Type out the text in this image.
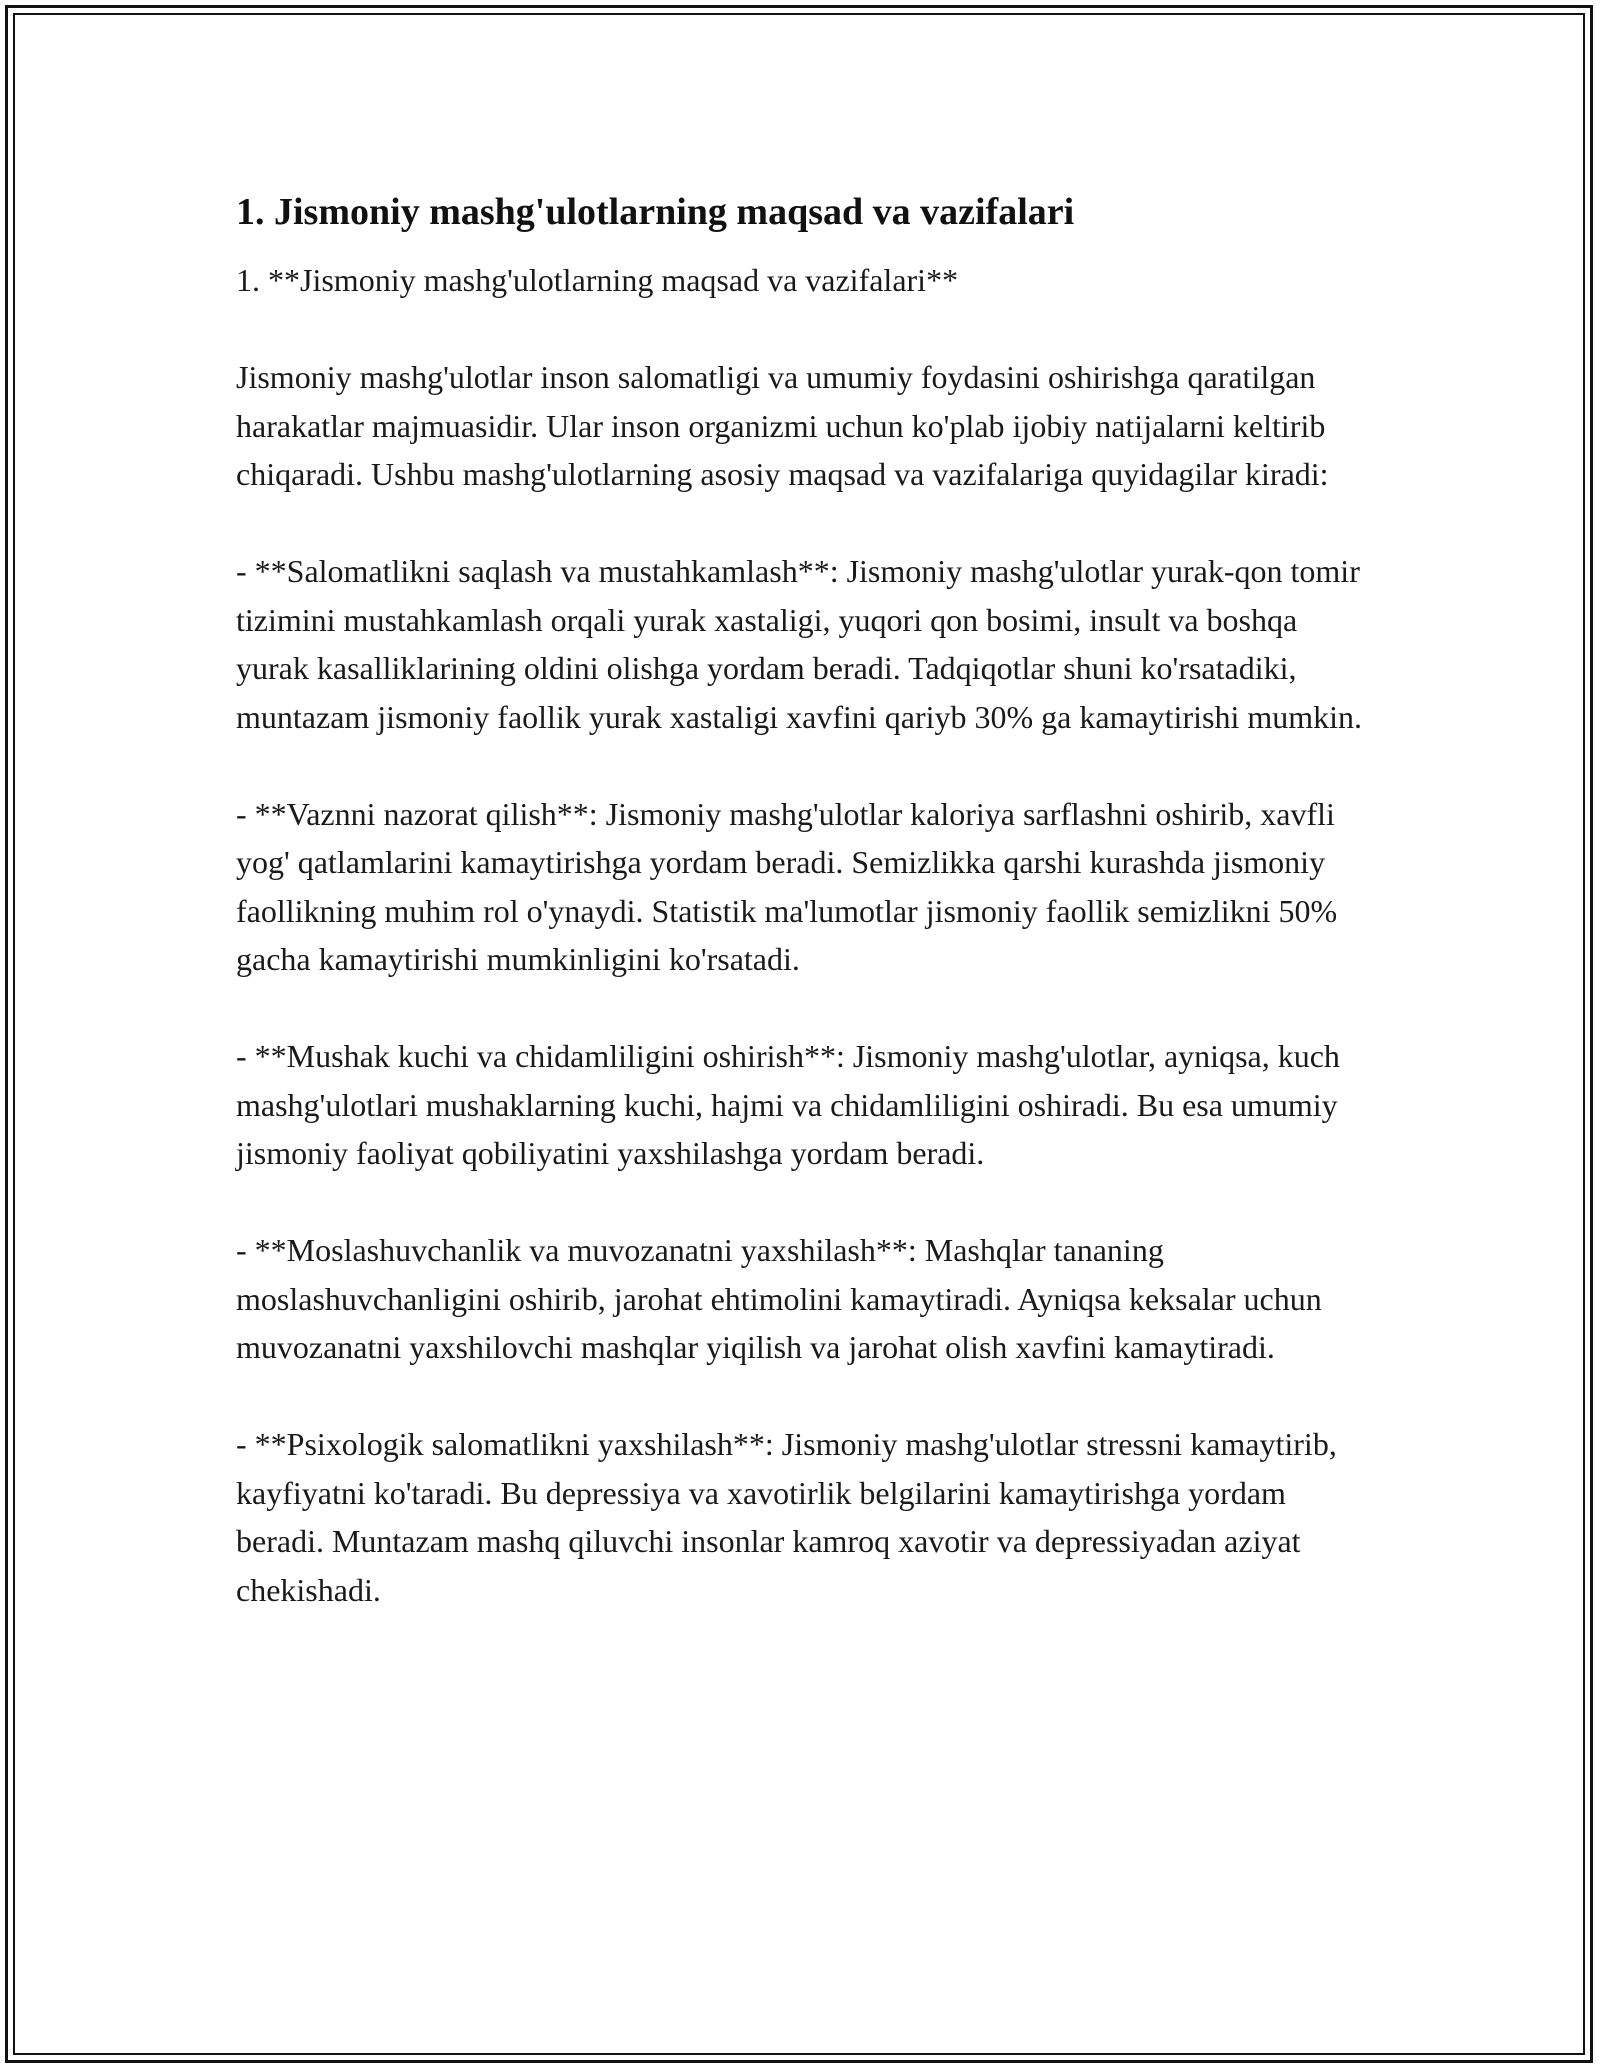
1. Jismoniy mashg'ulotlarning maqsad va vazifalari

1. **Jismoniy mashg'ulotlarning maqsad va vazifalari**

Jismoniy mashg'ulotlar inson salomatligi va umumiy foydasini oshirishga qaratilgan harakatlar majmuasidir. Ular inson organizmi uchun ko'plab ijobiy natijalarni keltirib chiqaradi. Ushbu mashg'ulotlarning asosiy maqsad va vazifalariga quyidagilar kiradi:

- **Salomatlikni saqlash va mustahkamlash**: Jismoniy mashg'ulotlar yurak-qon tomir tizimini mustahkamlash orqali yurak xastaligi, yuqori qon bosimi, insult va boshqa yurak kasalliklarining oldini olishga yordam beradi. Tadqiqotlar shuni ko'rsatadiki, muntazam jismoniy faollik yurak xastaligi xavfini qariyb 30% ga kamaytirishi mumkin.

- **Vaznni nazorat qilish**: Jismoniy mashg'ulotlar kaloriya sarflashni oshirib, xavfli yog' qatlamlarini kamaytirishga yordam beradi. Semizlikka qarshi kurashda jismoniy faollikning muhim rol o'ynaydi. Statistik ma'lumotlar jismoniy faollik semizlikni 50% gacha kamaytirishi mumkinligini ko'rsatadi.

- **Mushak kuchi va chidamliligini oshirish**: Jismoniy mashg'ulotlar, ayniqsa, kuch mashg'ulotlari mushaklarning kuchi, hajmi va chidamliligini oshiradi. Bu esa umumiy jismoniy faoliyat qobiliyatini yaxshilashga yordam beradi.

- **Moslashuvchanlik va muvozanatni yaxshilash**: Mashqlar tananing moslashuvchanligini oshirib, jarohat ehtimolini kamaytiradi. Ayniqsa keksalar uchun muvozanatni yaxshilovchi mashqlar yiqilish va jarohat olish xavfini kamaytiradi.

- **Psixologik salomatlikni yaxshilash**: Jismoniy mashg'ulotlar stressni kamaytirib, kayfiyatni ko'taradi. Bu depressiya va xavotirlik belgilarini kamaytirishga yordam beradi. Muntazam mashq qiluvchi insonlar kamroq xavotir va depressiyadan aziyat chekishadi.
